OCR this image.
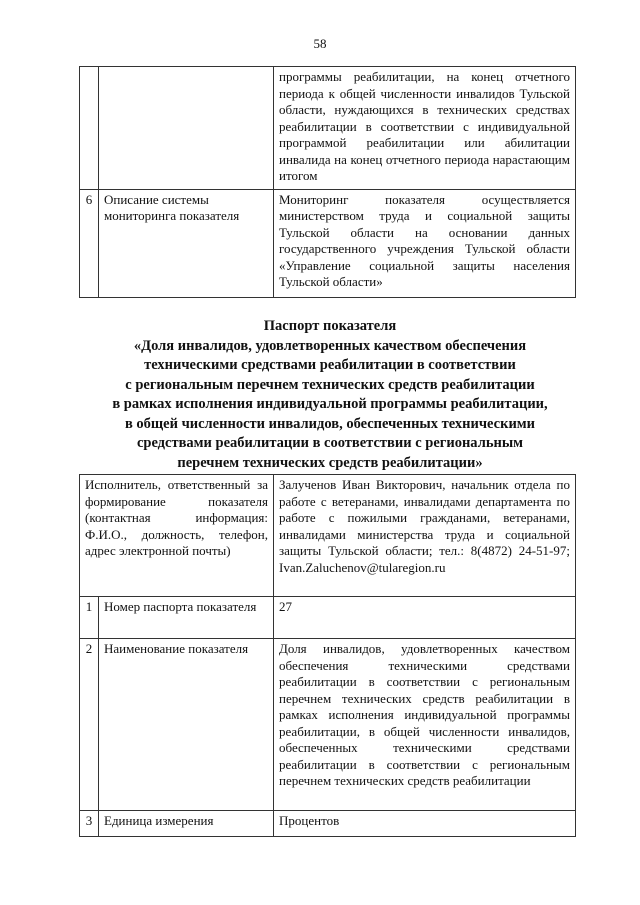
58
		программы реабилитации, на конец отчетного периода к общей численности инвалидов Тульской области, нуждающихся в технических средствах реабилитации в соответствии с индивидуальной программой реабилитации или абилитации инвалида на конец отчетного периода нарастающим итогом
6	Описание системы мониторинга показателя	Мониторинг показателя осуществляется министерством труда и социальной защиты Тульской области на основании данных государственного учреждения Тульской области «Управление социальной защиты населения Тульской области»
Паспорт показателя
«Доля инвалидов, удовлетворенных качеством обеспечения
техническими средствами реабилитации в соответствии
с региональным перечнем технических средств реабилитации
в рамках исполнения индивидуальной программы реабилитации,
в общей численности инвалидов, обеспеченных техническими
средствами реабилитации в соответствии с региональным
перечнем технических средств реабилитации»
Исполнитель, ответственный за формирование показателя (контактная информация: Ф.И.О., должность, телефон, адрес электронной почты)		Залученов Иван Викторович, начальник отдела по работе с ветеранами, инвалидами департамента по работе с пожилыми гражданами, ветеранами, инвалидами министерства труда и социальной защиты Тульской области; тел.: 8(4872) 24-51-97; Ivan.Zaluchenov@tularegion.ru
1	Номер паспорта показателя	27
2	Наименование показателя	Доля инвалидов, удовлетворенных качеством обеспечения техническими средствами реабилитации в соответствии с региональным перечнем технических средств реабилитации в рамках исполнения индивидуальной программы реабилитации, в общей численности инвалидов, обеспеченных техническими средствами реабилитации в соответствии с региональным перечнем технических средств реабилитации
3	Единица измерения	Процентов
